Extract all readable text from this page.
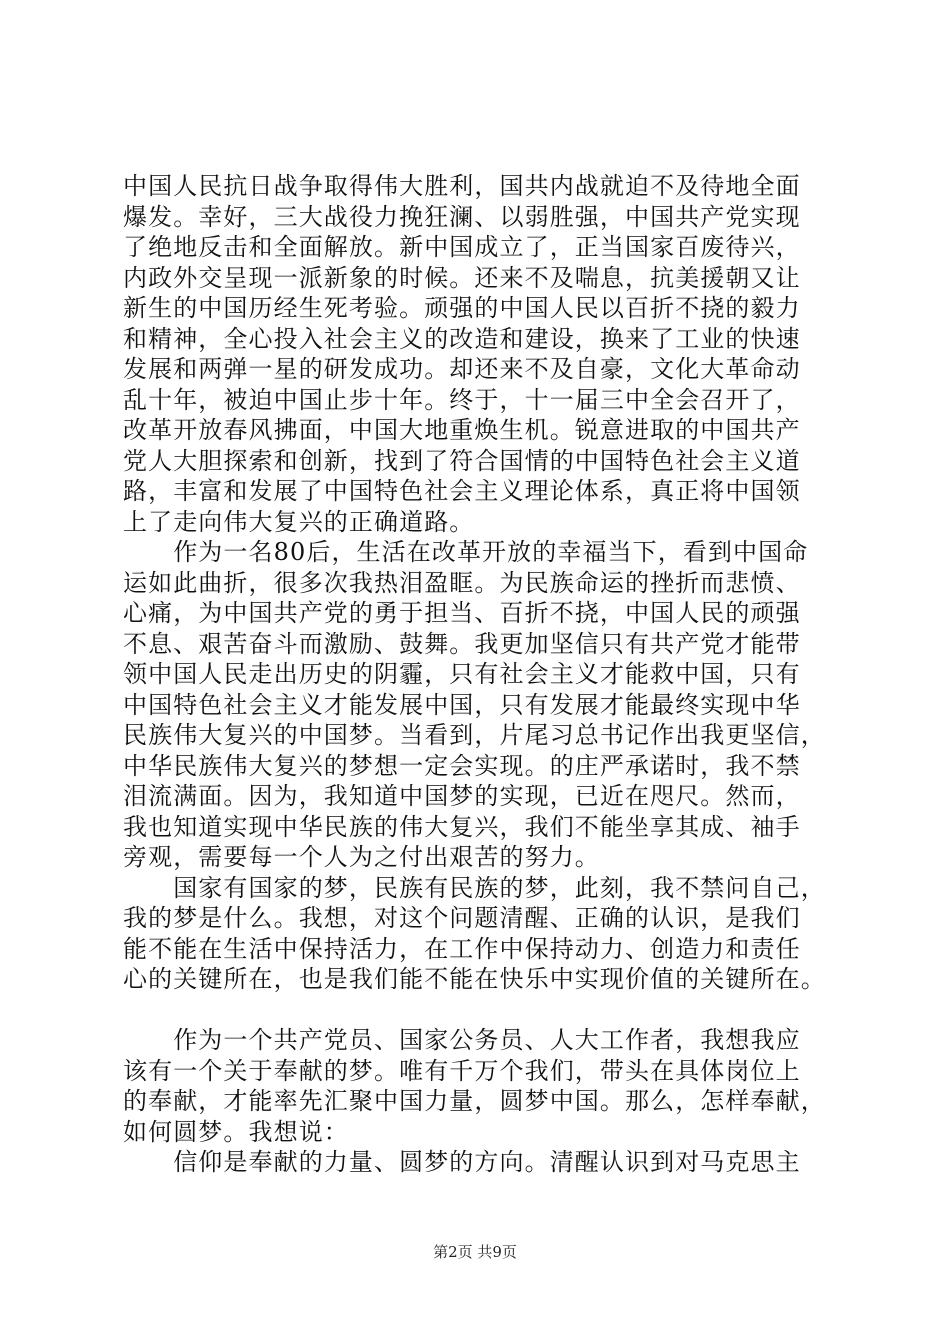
中国人民抗日战争取得伟大胜利，国共内战就迫不及待地全面
爆发。幸好，三大战役力挽狂澜、以弱胜强，中国共产党实现
了绝地反击和全面解放。新中国成立了，正当国家百废待兴，
内政外交呈现一派新象的时候。还来不及喘息，抗美援朝又让
新生的中国历经生死考验。顽强的中国人民以百折不挠的毅力
和精神，全心投入社会主义的改造和建设，换来了工业的快速
发展和两弹一星的研发成功。却还来不及自豪，文化大革命动
乱十年，被迫中国止步十年。终于，十一届三中全会召开了，
改革开放春风拂面，中国大地重焕生机。锐意进取的中国共产
党人大胆探索和创新，找到了符合国情的中国特色社会主义道
路，丰富和发展了中国特色社会主义理论体系，真正将中国领
上了走向伟大复兴的正确道路。
　　作为一名80后，生活在改革开放的幸福当下，看到中国命
运如此曲折，很多次我热泪盈眶。为民族命运的挫折而悲愤、
心痛，为中国共产党的勇于担当、百折不挠，中国人民的顽强
不息、艰苦奋斗而激励、鼓舞。我更加坚信只有共产党才能带
领中国人民走出历史的阴霾，只有社会主义才能救中国，只有
中国特色社会主义才能发展中国，只有发展才能最终实现中华
民族伟大复兴的中国梦。当看到，片尾习总书记作出我更坚信，
中华民族伟大复兴的梦想一定会实现。的庄严承诺时，我不禁
泪流满面。因为，我知道中国梦的实现，已近在咫尺。然而，
我也知道实现中华民族的伟大复兴，我们不能坐享其成、袖手
旁观，需要每一个人为之付出艰苦的努力。
　　国家有国家的梦，民族有民族的梦，此刻，我不禁问自己，
我的梦是什么。我想，对这个问题清醒、正确的认识，是我们
能不能在生活中保持活力，在工作中保持动力、创造力和责任
心的关键所在，也是我们能不能在快乐中实现价值的关键所在。
　　作为一个共产党员、国家公务员、人大工作者，我想我应
该有一个关于奉献的梦。唯有千万个我们，带头在具体岗位上
的奉献，才能率先汇聚中国力量，圆梦中国。那么，怎样奉献，
如何圆梦。我想说：
　　信仰是奉献的力量、圆梦的方向。清醒认识到对马克思主
第2页 共9页
